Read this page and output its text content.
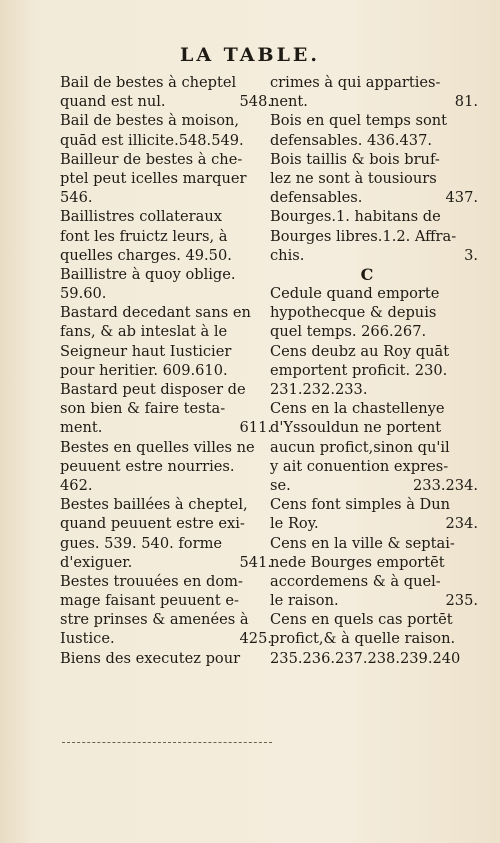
LA TABLE.
Bail de bestes à cheptel
quand est nul.	548.
Bail de bestes à moison,
quād est illicite.548.549.
Bailleur de bestes à che-
ptel peut icelles marquer
546.
Baillistres collateraux
font les fruictz leurs, à
quelles charges. 49.50.
Baillistre à quoy oblige.
59.60.
Bastard decedant sans en
fans, & ab inteslat à le
Seigneur haut Iusticier
pour heritier. 609.610.
Bastard peut disposer de
son bien & faire testa-
ment.	611.
Bestes en quelles villes ne
peuuent estre nourries.
462.
Bestes baillées à cheptel,
quand peuuent estre exi-
gues. 539. 540. forme
d'exiguer.	541.
Bestes trouuées en dom-
mage faisant peuuent e-
stre prinses & amenées à
Iustice.	425.
Biens des executez pour
crimes à qui apparties-
nent.	81.
Bois en quel temps sont
defensables. 436.437.
Bois taillis & bois bruf-
lez ne sont à tousiours
defensables.	437.
Bourges.1. habitans de
Bourges libres.1.2. Affra-
chis.	3.
C
Cedule quand emporte
hypothecque & depuis
quel temps. 266.267.
Cens deubz au Roy quāt
emportent proficit. 230.
231.232.233.
Cens en la chastellenye
d'Yssouldun ne portent
aucun profict,sinon qu'il
y ait conuention expres-
se.	233.234.
Cens font simples à Dun
le Roy.	234.
Cens en la ville & septai-
nede Bourges emportēt
accordemens & à quel-
le raison.	235.
Cens en quels cas portēt
profict,& à quelle raison.
235.236.237.238.239.240
